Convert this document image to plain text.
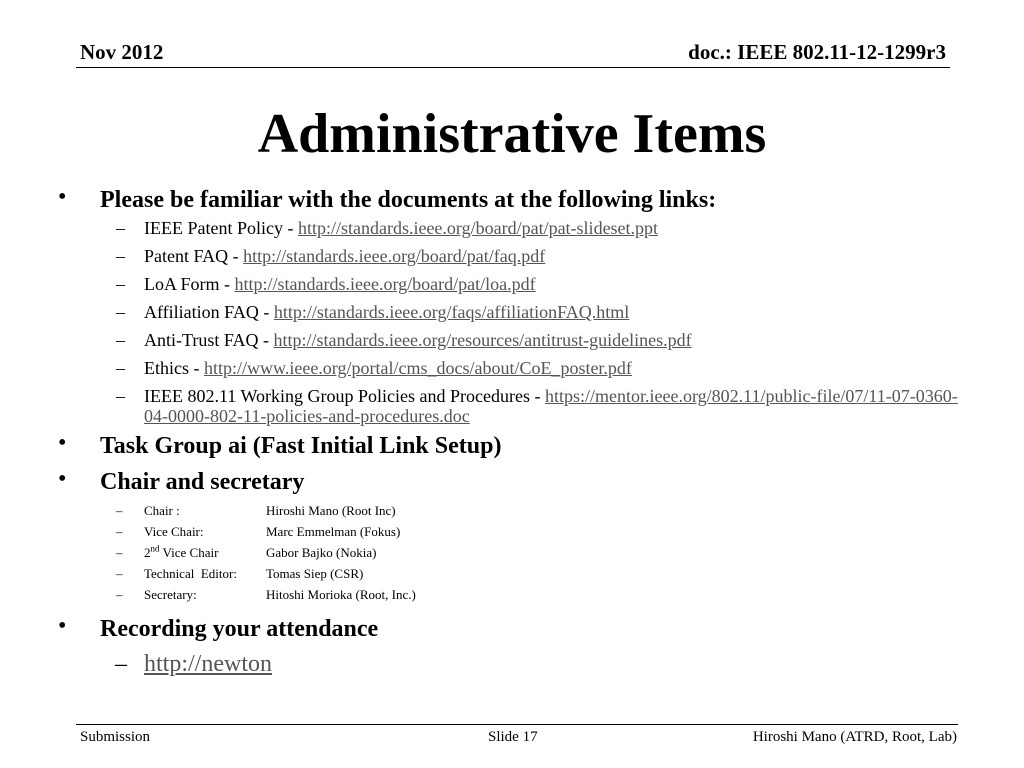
Nov 2012	doc.: IEEE 802.11-12-1299r3
Administrative Items
• Please be familiar with the documents at the following links:
– IEEE Patent Policy - http://standards.ieee.org/board/pat/pat-slideset.ppt
– Patent FAQ - http://standards.ieee.org/board/pat/faq.pdf
– LoA Form - http://standards.ieee.org/board/pat/loa.pdf
– Affiliation FAQ - http://standards.ieee.org/faqs/affiliationFAQ.html
– Anti-Trust FAQ - http://standards.ieee.org/resources/antitrust-guidelines.pdf
– Ethics - http://www.ieee.org/portal/cms_docs/about/CoE_poster.pdf
– IEEE 802.11 Working Group Policies and Procedures - https://mentor.ieee.org/802.11/public-file/07/11-07-0360-04-0000-802-11-policies-and-procedures.doc
• Task Group ai (Fast Initial Link Setup)
• Chair and secretary
– Chair :	Hiroshi Mano (Root Inc)
– Vice Chair:	Marc Emmelman (Fokus)
– 2nd Vice Chair	Gabor Bajko (Nokia)
– Technical  Editor: Tomas Siep (CSR)
– Secretary:	Hitoshi Morioka (Root, Inc.)
• Recording your attendance
– http://newton
Submission	Slide 17	Hiroshi Mano (ATRD, Root, Lab)
